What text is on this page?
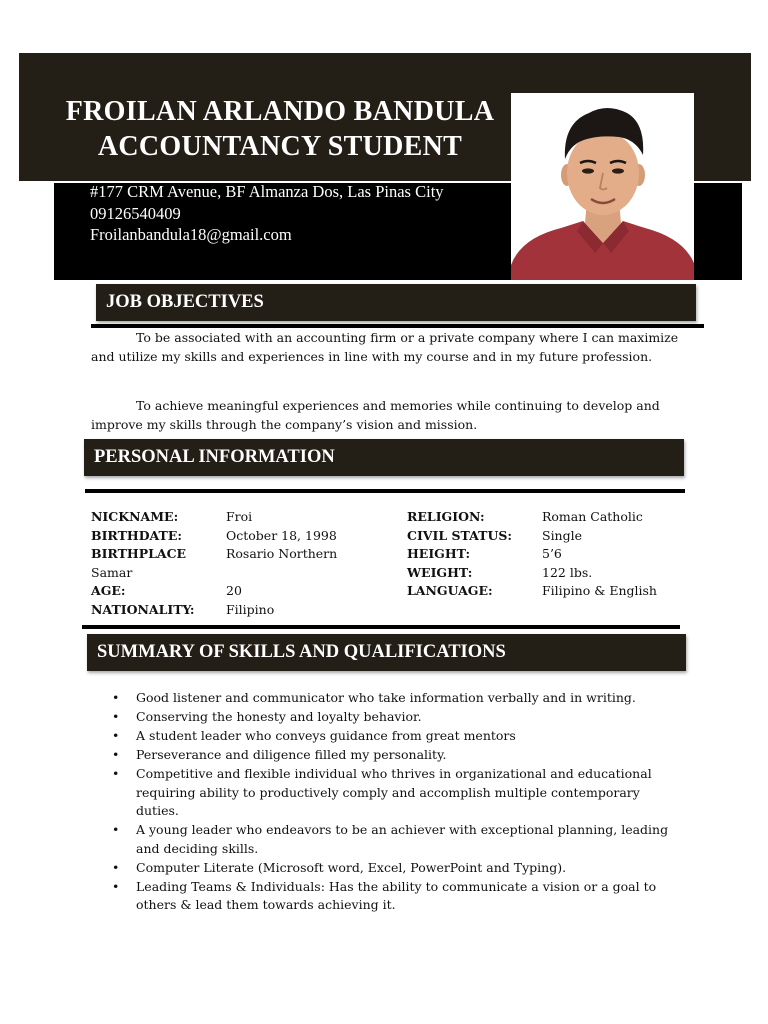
FROILAN ARLANDO BANDULA
ACCOUNTANCY STUDENT
#177 CRM Avenue, BF Almanza Dos, Las Pinas City
09126540409
Froilanbandula18@gmail.com
JOB OBJECTIVES
To be associated with an accounting firm or a private company where I can maximize and utilize my skills and experiences in line with my course and in my future profession.
To achieve meaningful experiences and memories while continuing to develop and improve my skills through the company’s vision and mission.
PERSONAL INFORMATION
NICKNAME:	Froi
BIRTHDATE:	October 18, 1998
BIRTHPLACE	Rosario Northern
Samar
AGE:	20
NATIONALITY:	Filipino
RELIGION:	Roman Catholic
CIVIL STATUS: Single
HEIGHT:	5’6
WEIGHT:	122 lbs.
LANGUAGE:	Filipino & English
SUMMARY OF SKILLS AND QUALIFICATIONS
• Good listener and communicator who take information verbally and in writing.
• Conserving the honesty and loyalty behavior.
• A student leader who conveys guidance from great mentors
• Perseverance and diligence filled my personality.
• Competitive and flexible individual who thrives in organizational and educational requiring ability to productively comply and accomplish multiple contemporary duties.
• A young leader who endeavors to be an achiever with exceptional planning, leading and deciding skills.
• Computer Literate (Microsoft word, Excel, PowerPoint and Typing).
• Leading Teams & Individuals: Has the ability to communicate a vision or a goal to others & lead them towards achieving it.
